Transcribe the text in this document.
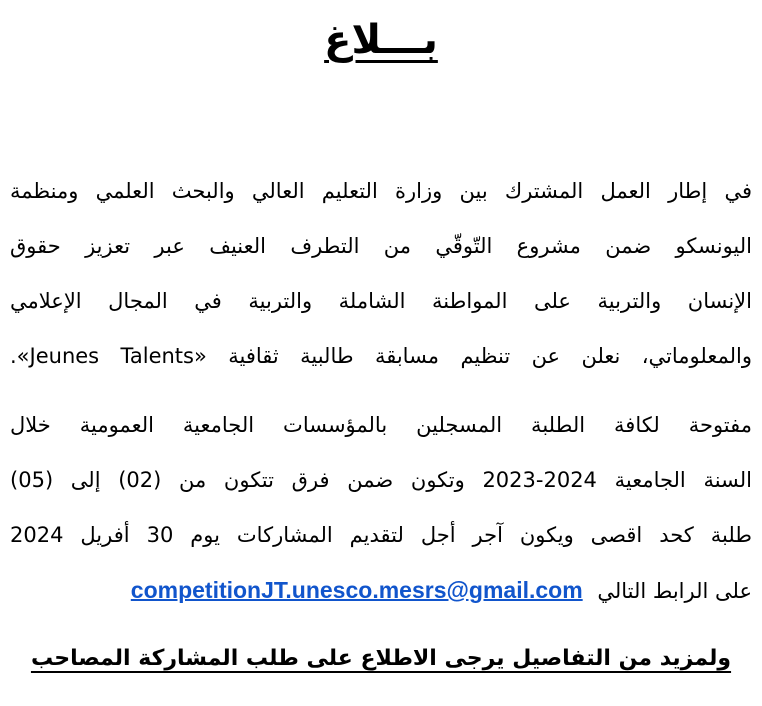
بـــلاغ
في إطار العمل المشترك بين وزارة التعليم العالي والبحث العلمي ومنظمة
اليونسكو ضمن مشروع التّوقّي من التطرف العنيف عبر تعزيز حقوق
الإنسان والتربية على المواطنة الشاملة والتربية في المجال الإعلامي
والمعلوماتي، نعلن عن تنظيم مسابقة طالبية ثقافية «Jeunes Talents».
مفتوحة لكافة الطلبة المسجلين بالمؤسسات الجامعية العمومية خلال
السنة الجامعية 2024-2023 وتكون ضمن فرق تتكون من (02) إلى (05)
طلبة كحد اقصى ويكون آجر أجل لتقديم المشاركات يوم 30 أفريل 2024
على الرابط التالي competitionJT.unesco.mesrs@gmail.com
ولمزيد من التفاصيل يرجى الاطلاع على طلب المشاركة المصاحب
